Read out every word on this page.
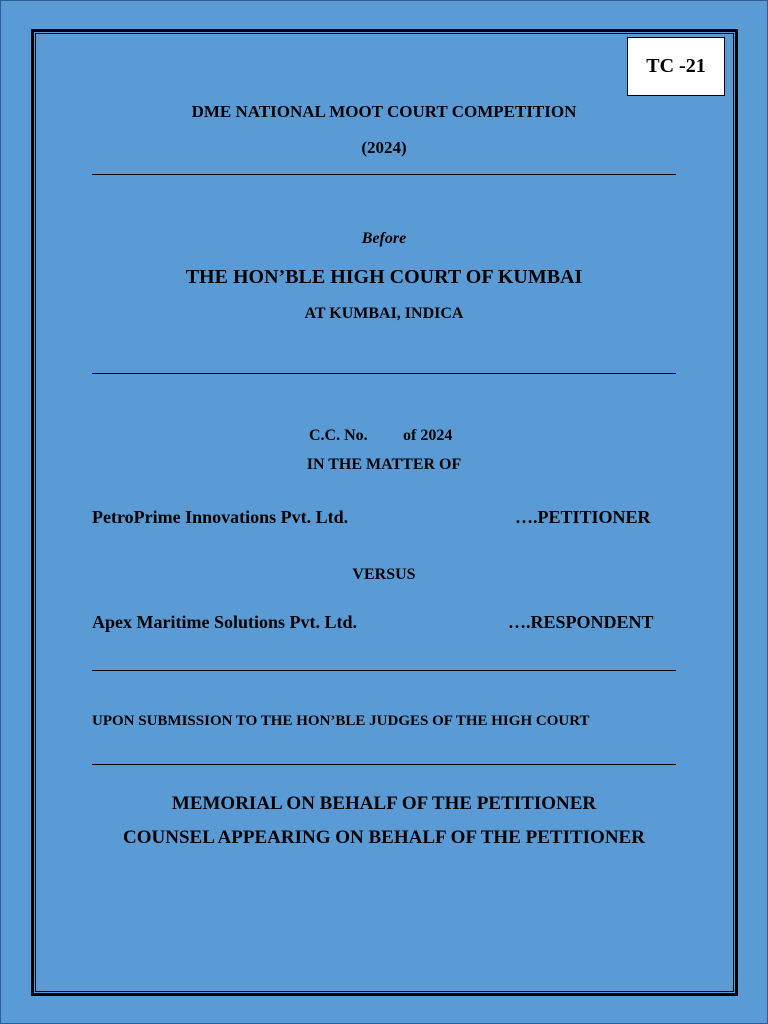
TC -21
DME NATIONAL MOOT COURT COMPETITION
(2024)
Before
THE HON’BLE HIGH COURT OF KUMBAI
AT KUMBAI, INDICA
C.C. No. of 2024
IN THE MATTER OF
PetroPrime Innovations Pvt. Ltd.	….PETITIONER
VERSUS
Apex Maritime Solutions Pvt. Ltd.	….RESPONDENT
UPON SUBMISSION TO THE HON’BLE JUDGES OF THE HIGH COURT
MEMORIAL ON BEHALF OF THE PETITIONER
COUNSEL APPEARING ON BEHALF OF THE PETITIONER
